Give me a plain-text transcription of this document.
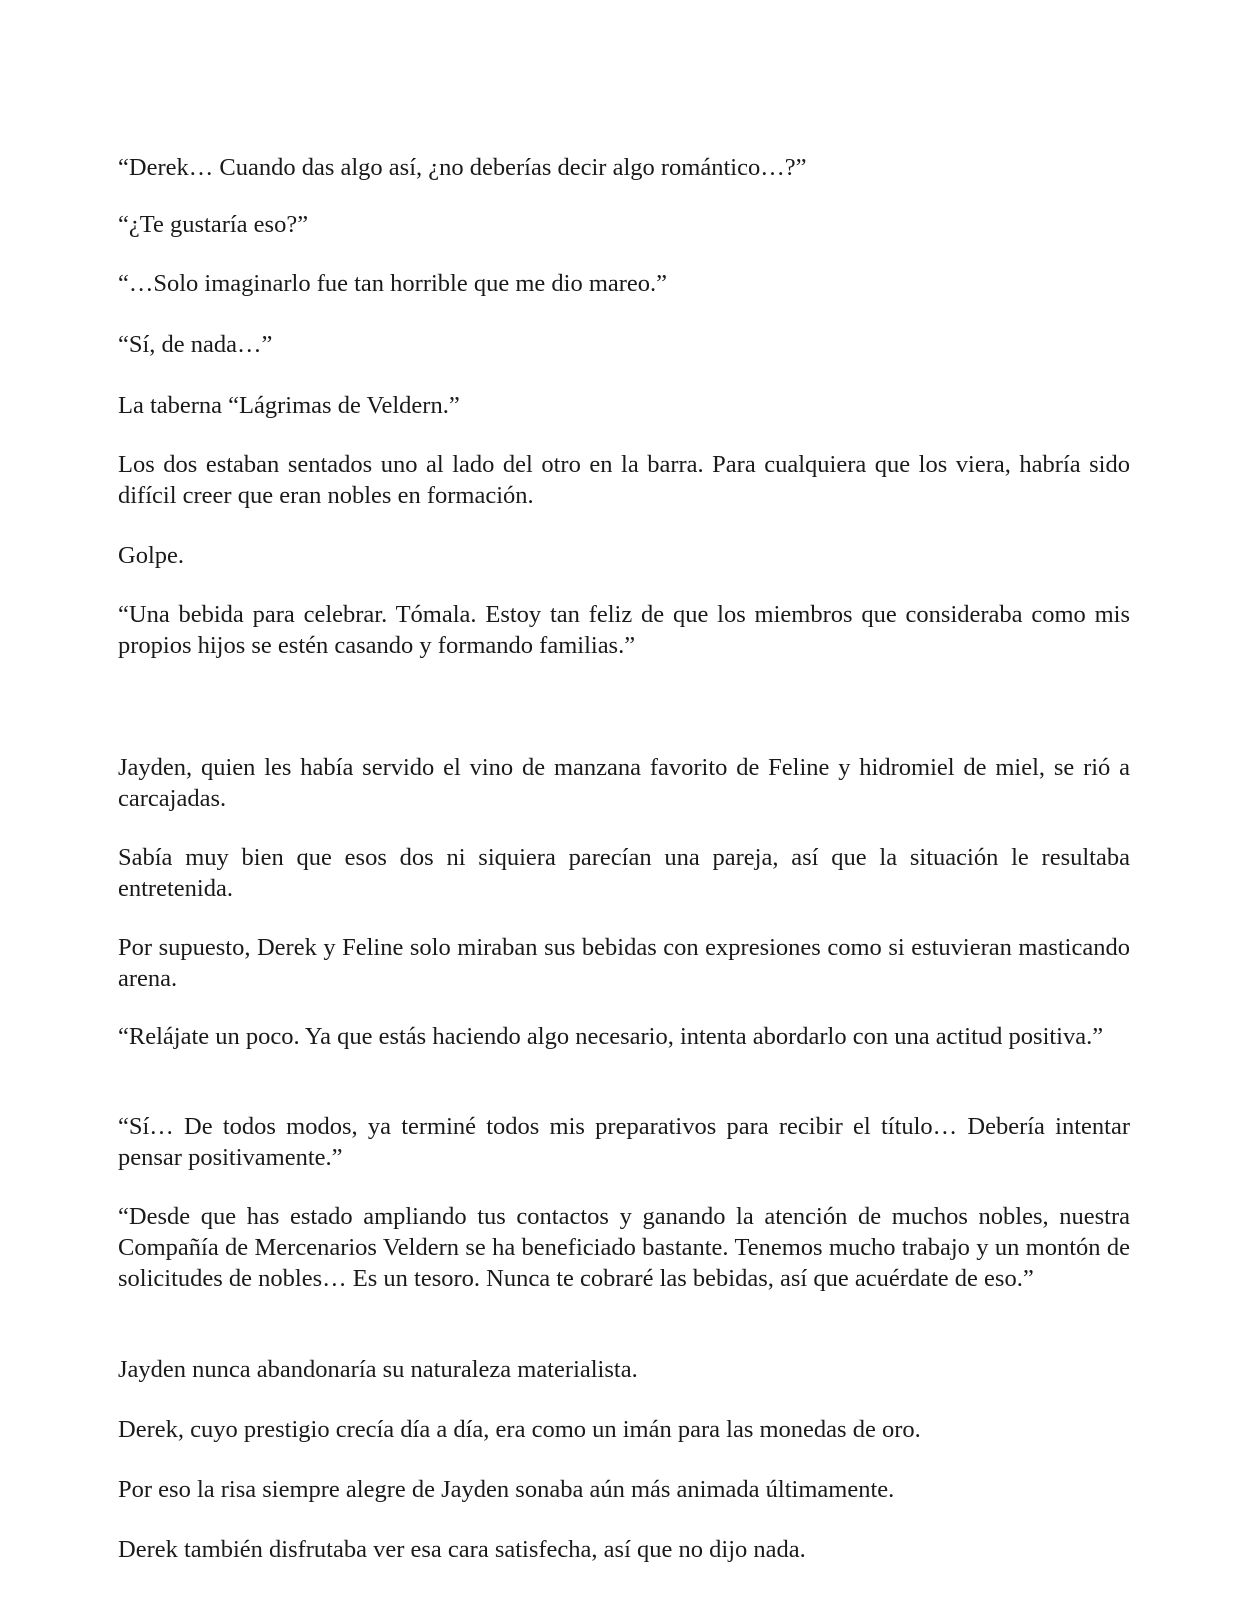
“Derek… Cuando das algo así, ¿no deberías decir algo romántico…?”

“¿Te gustaría eso?”

“…Solo imaginarlo fue tan horrible que me dio mareo.”

“Sí, de nada…”

La taberna “Lágrimas de Veldern.”

Los dos estaban sentados uno al lado del otro en la barra. Para cualquiera que los viera, habría sido difícil creer que eran nobles en formación.

Golpe.

“Una bebida para celebrar. Tómala. Estoy tan feliz de que los miembros que consideraba como mis propios hijos se estén casando y formando familias.”

Jayden, quien les había servido el vino de manzana favorito de Feline y hidromiel de miel, se rió a carcajadas.

Sabía muy bien que esos dos ni siquiera parecían una pareja, así que la situación le resultaba entretenida.

Por supuesto, Derek y Feline solo miraban sus bebidas con expresiones como si estuvieran masticando arena.

“Relájate un poco. Ya que estás haciendo algo necesario, intenta abordarlo con una actitud positiva.”

“Sí… De todos modos, ya terminé todos mis preparativos para recibir el título… Debería intentar pensar positivamente.”

“Desde que has estado ampliando tus contactos y ganando la atención de muchos nobles, nuestra Compañía de Mercenarios Veldern se ha beneficiado bastante. Tenemos mucho trabajo y un montón de solicitudes de nobles… Es un tesoro. Nunca te cobraré las bebidas, así que acuérdate de eso.”

Jayden nunca abandonaría su naturaleza materialista.

Derek, cuyo prestigio crecía día a día, era como un imán para las monedas de oro.

Por eso la risa siempre alegre de Jayden sonaba aún más animada últimamente.

Derek también disfrutaba ver esa cara satisfecha, así que no dijo nada.
